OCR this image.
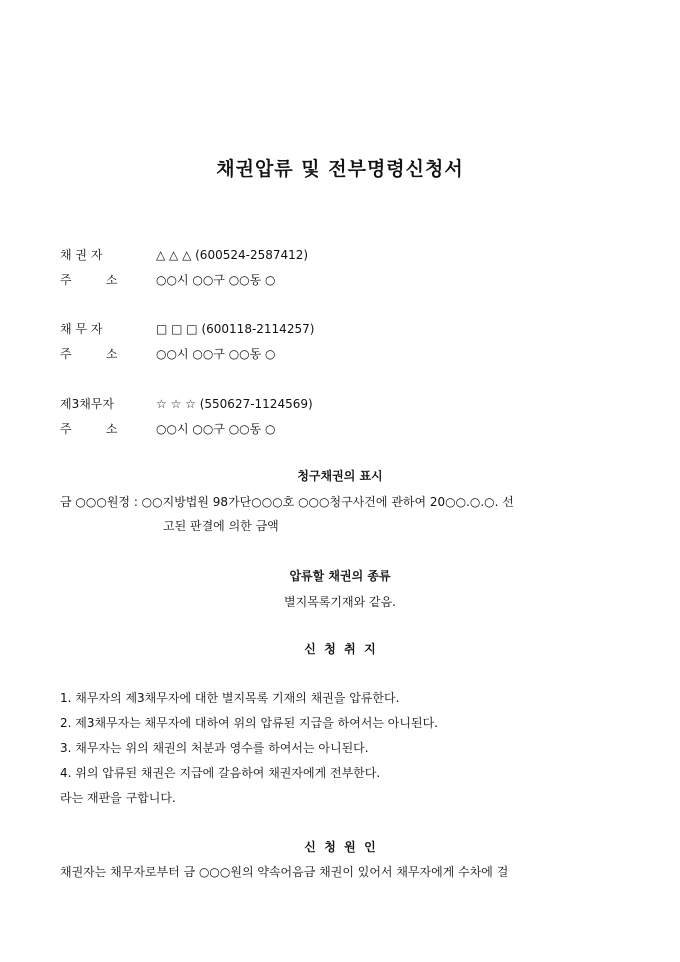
채권압류 및 전부명령신청서
채 권 자	△ △ △ (600524-2587412)
주         소	○○시 ○○구 ○○동 ○
채 무 자	□ □ □ (600118-2114257)
주         소	○○시 ○○구 ○○동 ○
제3채무자	☆ ☆ ☆ (550627-1124569)
주         소	○○시 ○○구 ○○동 ○
청구채권의 표시
금 ○○○원정 : ○○지방법원 98가단○○○호 ○○○청구사건에 관하여 20○○.○.○. 선
고된 판결에 의한 금액
압류할 채권의 종류
별지목록기재와 같음.
신  청  취  지
1. 채무자의 제3채무자에 대한 별지목록 기재의 채권을 압류한다.
2. 제3채무자는 채무자에 대하여 위의 압류된 지급을 하여서는 아니된다.
3. 채무자는 위의 채권의 처분과 영수를 하여서는 아니된다.
4. 위의 압류된 채권은 지급에 갈음하여 채권자에게 전부한다.
라는 재판을 구합니다.
신  청  원  인
채권자는 채무자로부터 금 ○○○원의 약속어음금 채권이 있어서 채무자에게 수차에 걸
